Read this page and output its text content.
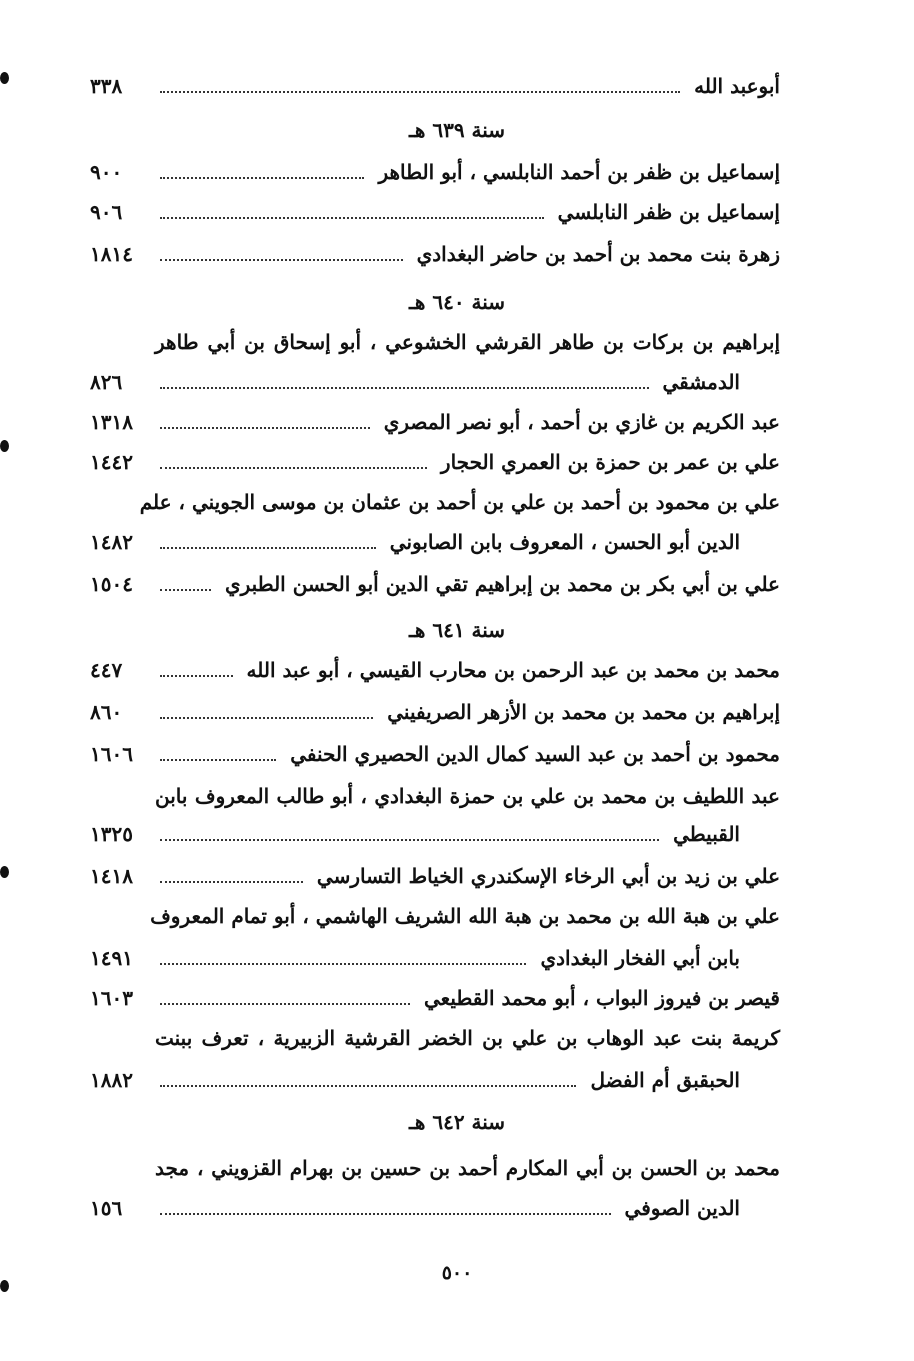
أبوعبد الله
٣٣٨
سنة ٦٣٩ هـ
إسماعيل بن ظفر بن أحمد النابلسي ، أبو الطاهر
٩٠٠
إسماعيل بن ظفر النابلسي
٩٠٦
زهرة بنت محمد بن أحمد بن حاضر البغدادي
١٨١٤
سنة ٦٤٠ هـ
إبراهيم بن بركات بن طاهر القرشي الخشوعي ، أبو إسحاق بن أبي طاهر
الدمشقي
٨٢٦
عبد الكريم بن غازي بن أحمد ، أبو نصر المصري
١٣١٨
علي بن عمر بن حمزة بن العمري الحجار
١٤٤٢
علي بن محمود بن أحمد بن علي بن أحمد بن عثمان بن موسى الجويني ، علم
الدين أبو الحسن ، المعروف بابن الصابوني
١٤٨٢
علي بن أبي بكر بن محمد بن إبراهيم تقي الدين أبو الحسن الطبري
١٥٠٤
سنة ٦٤١ هـ
محمد بن محمد بن عبد الرحمن بن محارب القيسي ، أبو عبد الله
٤٤٧
إبراهيم بن محمد بن محمد بن الأزهر الصريفيني
٨٦٠
محمود بن أحمد بن عبد السيد كمال الدين الحصيري الحنفي
١٦٠٦
عبد اللطيف بن محمد بن علي بن حمزة البغدادي ، أبو طالب المعروف بابن
القبيطي
١٣٢٥
علي بن زيد بن أبي الرخاء الإسكندري الخياط التسارسي
١٤١٨
علي بن هبة الله بن محمد بن هبة الله الشريف الهاشمي ، أبو تمام المعروف
بابن أبي الفخار البغدادي
١٤٩١
قيصر بن فيروز البواب ، أبو محمد القطيعي
١٦٠٣
كريمة بنت عبد الوهاب بن علي بن الخضر القرشية الزبيرية ، تعرف ببنت
الحبقبق أم الفضل
١٨٨٢
سنة ٦٤٢ هـ
محمد بن الحسن بن أبي المكارم أحمد بن حسين بن بهرام القزويني ، مجد
الدين الصوفي
١٥٦
٥٠٠
